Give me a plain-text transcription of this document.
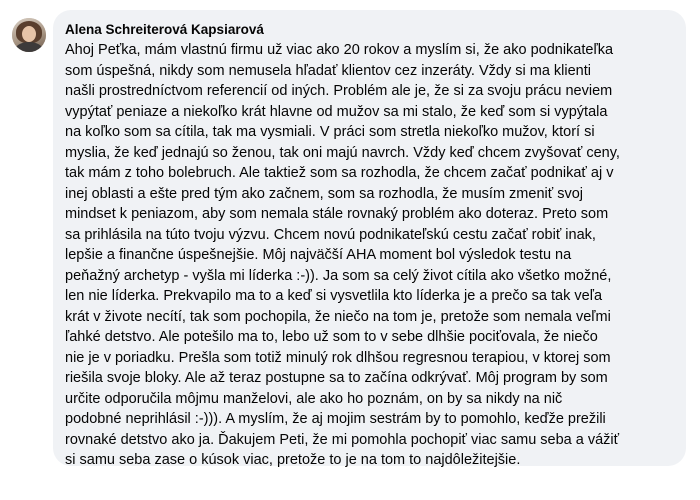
Alena Schreiterová Kapsiarová
Ahoj Peťka, mám vlastnú firmu už viac ako 20 rokov a myslím si, že ako podnikateľka
som úspešná, nikdy som nemusela hľadať klientov cez inzeráty. Vždy si ma klienti
našli prostredníctvom referencií od iných. Problém ale je, že si za svoju prácu neviem
vypýtať peniaze a niekoľko krát hlavne od mužov sa mi stalo, že keď som si vypýtala
na koľko som sa cítila, tak ma vysmiali. V práci som stretla niekoľko mužov, ktorí si
myslia, že keď jednajú so ženou, tak oni majú navrch. Vždy keď chcem zvyšovať ceny,
tak mám z toho bolebruch. Ale taktiež som sa rozhodla, že chcem začať podnikať aj v
inej oblasti a ešte pred tým ako začnem, som sa rozhodla, že musím zmeniť svoj
mindset k peniazom, aby som nemala stále rovnaký problém ako doteraz. Preto som
sa prihlásila na túto tvoju výzvu. Chcem novú podnikateľskú cestu začať robiť inak,
lepšie a finančne úspešnejšie. Môj najväčší AHA moment bol výsledok testu na
peňažný archetyp - vyšla mi líderka :-)). Ja som sa celý život cítila ako všetko možné,
len nie líderka. Prekvapilo ma to a keď si vysvetlila kto líderka je a prečo sa tak veľa
krát v živote necítí, tak som pochopila, že niečo na tom je, pretože som nemala veľmi
ľahké detstvo. Ale potešilo ma to, lebo už som to v sebe dlhšie pociťovala, že niečo
nie je v poriadku. Prešla som totiž minulý rok dlhšou regresnou terapiou, v ktorej som
riešila svoje bloky. Ale až teraz postupne sa to začína odkrývať. Môj program by som
určite odporučila môjmu manželovi, ale ako ho poznám, on by sa nikdy na nič
podobné neprihlásil :-))). A myslím, že aj mojim sestrám by to pomohlo, keďže prežili
rovnaké detstvo ako ja. Ďakujem Peti, že mi pomohla pochopiť viac samu seba a vážiť
si samu seba zase o kúsok viac, pretože to je na tom to najdôležitejšie.
